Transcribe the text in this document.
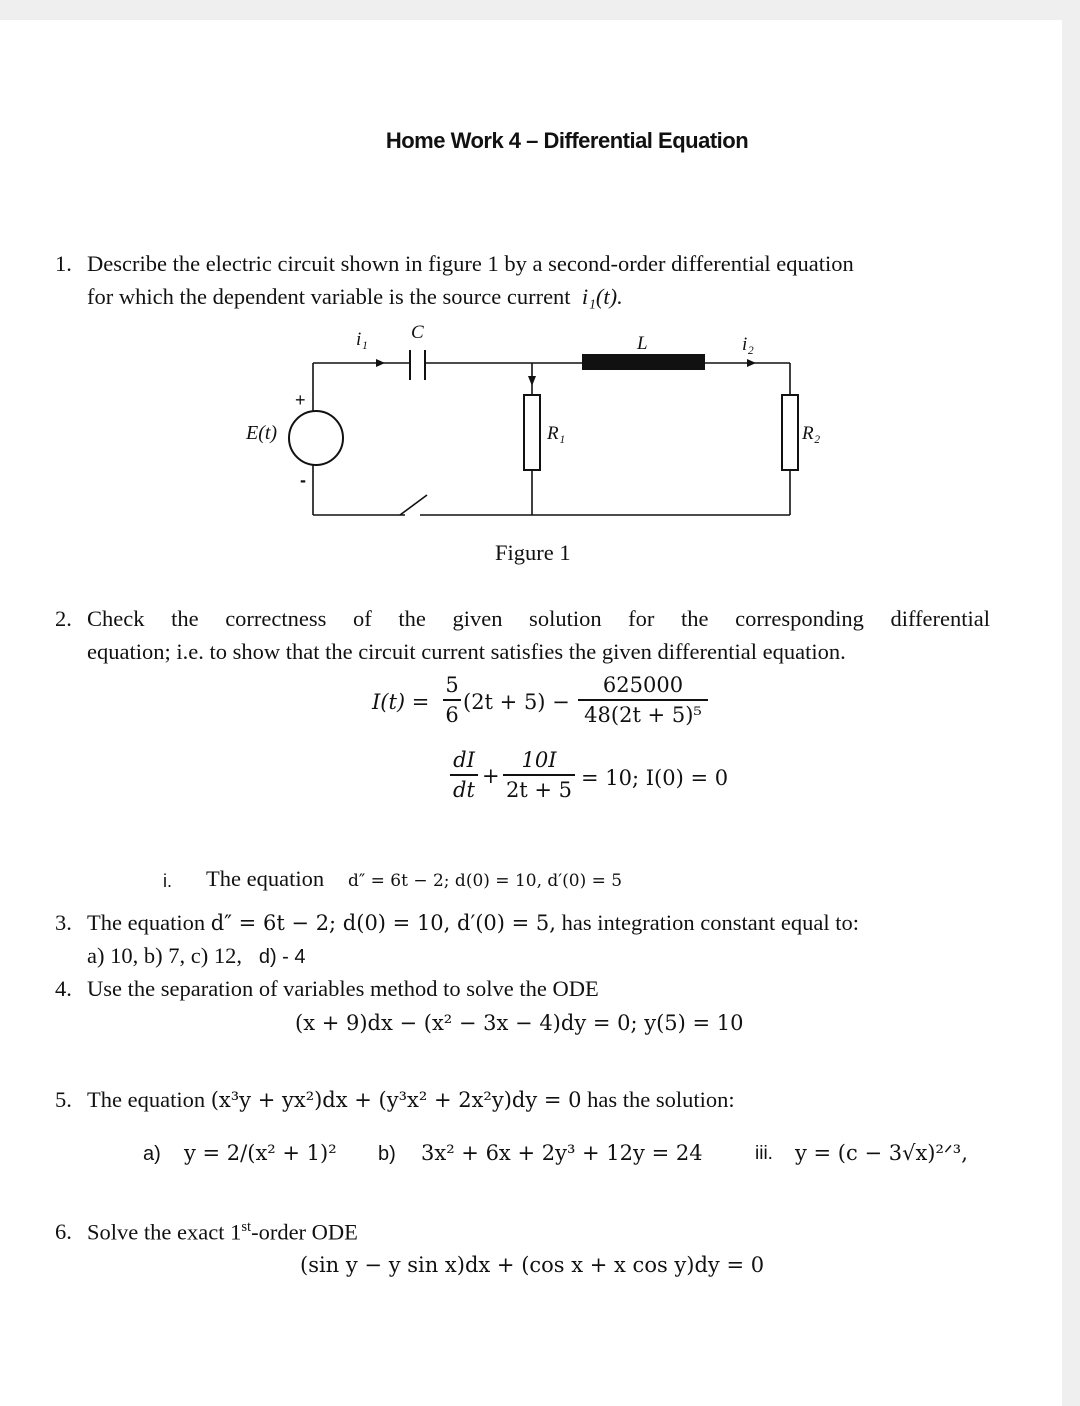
Home Work 4 – Differential Equation
1. Describe the electric circuit shown in figure 1 by a second-order differential equation
for which the dependent variable is the source current i₁(t).
i₁ C
L	i₂
E(t)
+
-
R₁	R₂
Figure 1
2. Check the correctness of the given solution for the corresponding differential
equation; i.e. to show that the circuit current satisfies the given differential equation.
I(t) =
5
6
(2t + 5) −
625000
48(2t + 5)⁵
dI
dt
+
10I
2t + 5 = 10; I(0) = 0
i. The equation d″ = 6t − 2; d(0) = 10, d′(0) = 5
3. The equation d″ = 6t − 2; d(0) = 10, d′(0) = 5, has integration constant equal to:
a) 10, b) 7, c) 12, d) - 4
4. Use the separation of variables method to solve the ODE
(x + 9)dx − (x² − 3x − 4)dy = 0; y(5) = 10
5. The equation (x³y + yx²)dx + (y³x² + 2x²y)dy = 0 has the solution:
a) y = 2/(x² + 1)² b) 3x² + 6x + 2y³ + 12y = 24	iii. y = (c − 3√x)²ᐟ³,
6. Solve the exact 1st-order ODE
(sin y − y sin x)dx + (cos x + x cos y)dy = 0
